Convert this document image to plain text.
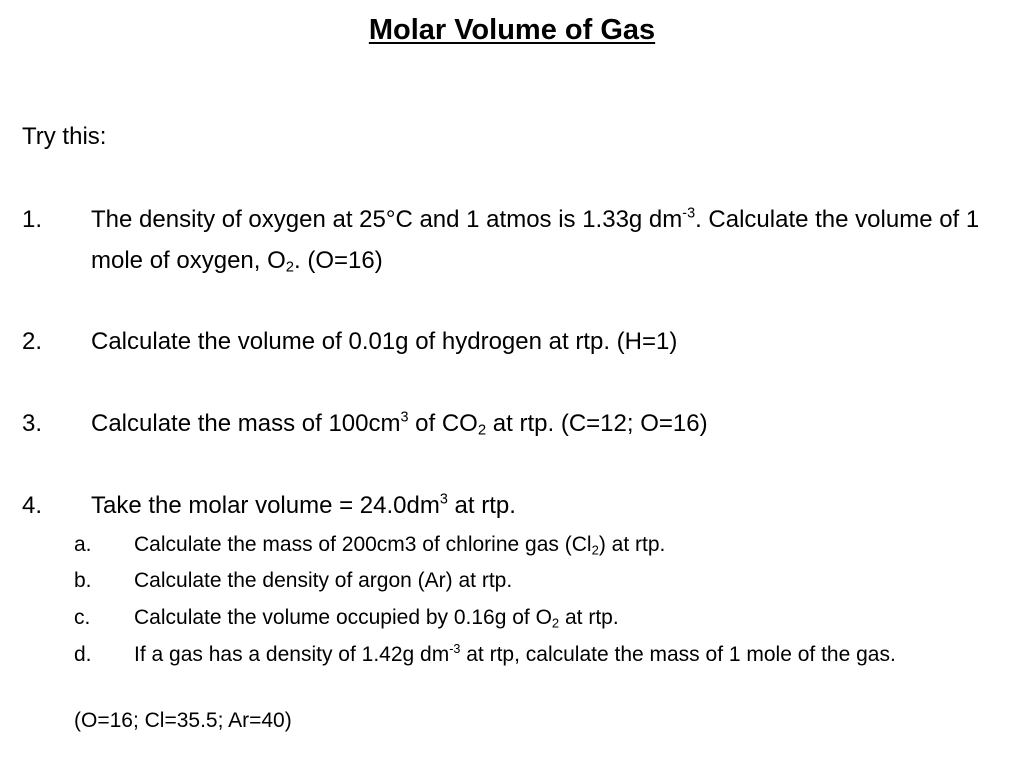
Molar Volume of Gas
Try this:
1. The density of oxygen at 25°C and 1 atmos is 1.33g $dm^{-3}$. Calculate the volume of 1 mole of oxygen, $O_2$. (O=16)
2. Calculate the volume of 0.01g of hydrogen at rtp. (H=1)
3. Calculate the mass of $100cm^3$ of $CO_2$ at rtp. (C=12; O=16)
4. Take the molar volume = $24.0dm^3$ at rtp.
a. Calculate the mass of 200cm3 of chlorine gas $(Cl_2)$ at rtp.
b. Calculate the density of argon (Ar) at rtp.
c. Calculate the volume occupied by 0.16g of $O_2$ at rtp.
d. If a gas has a density of 1.42g $dm^{-3}$ at rtp, calculate the mass of 1 mole of the gas.
(O=16; Cl=35.5; Ar=40)
